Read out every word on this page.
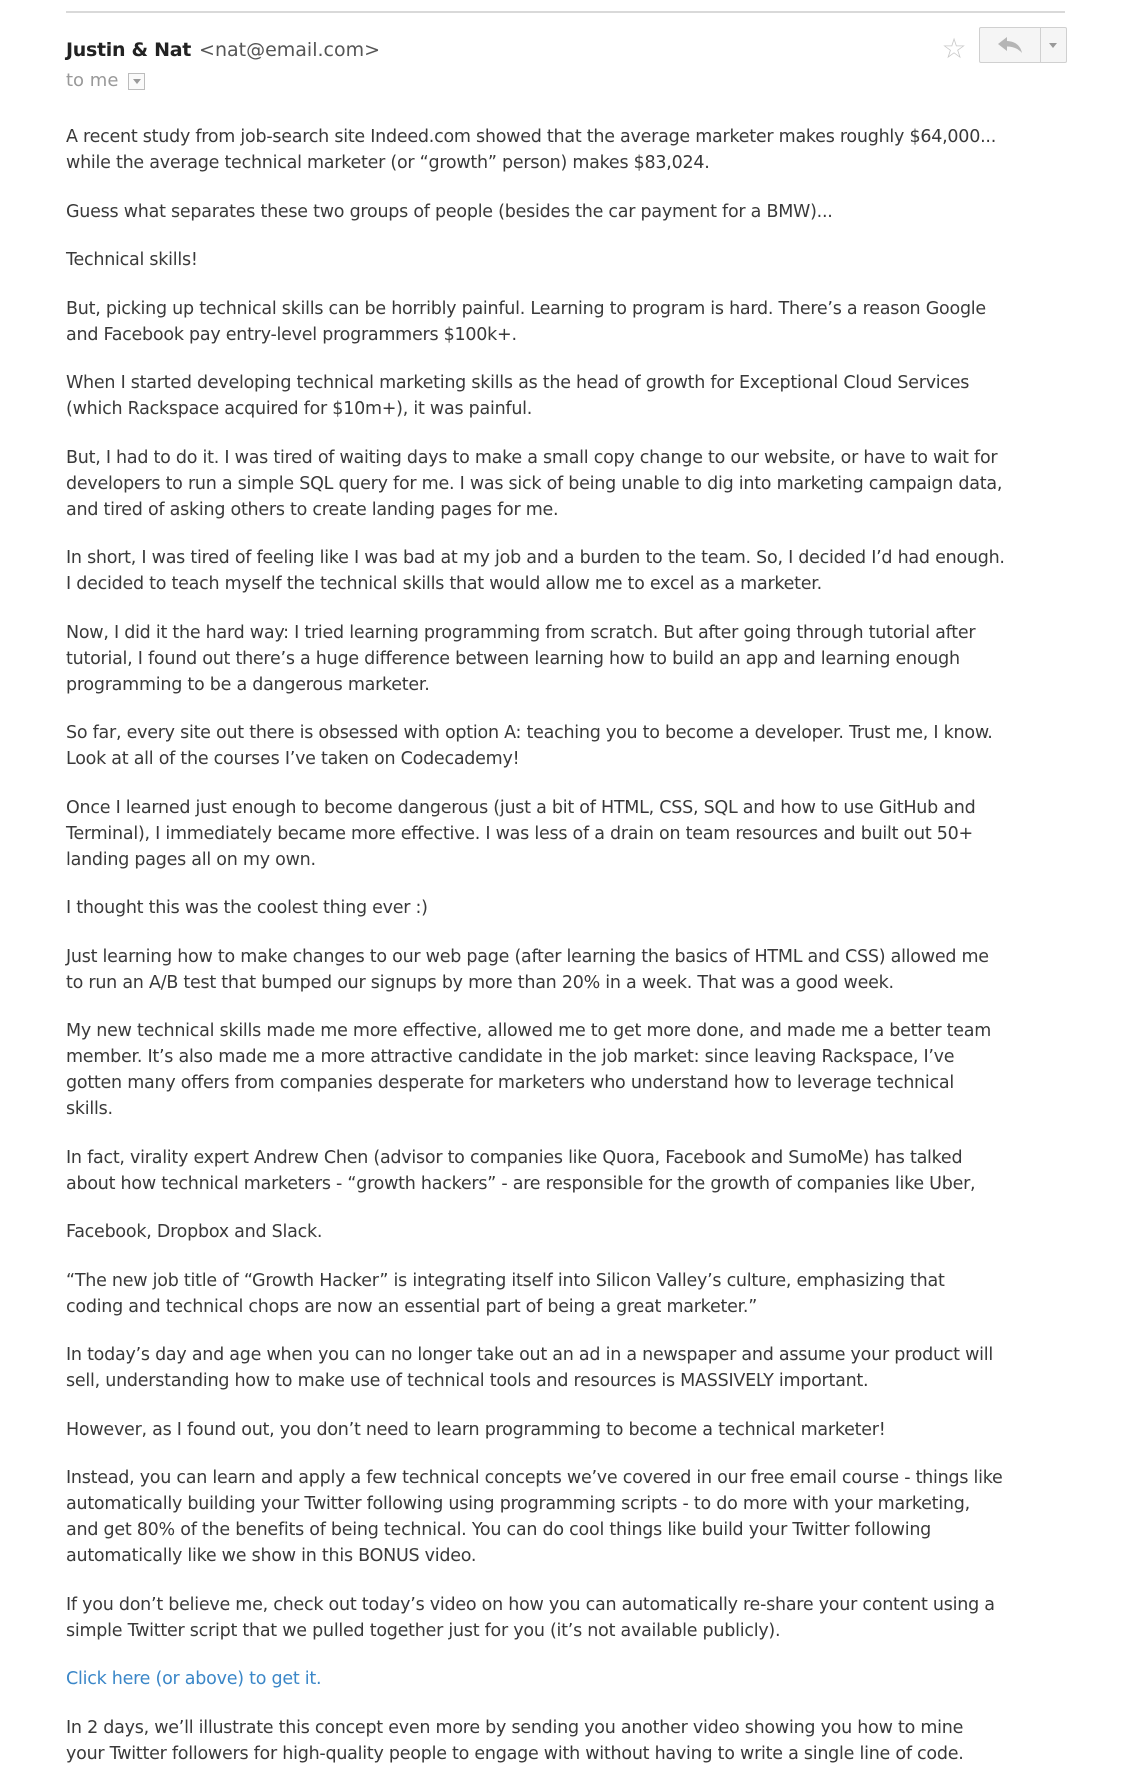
Justin & Nat <nat@email.com>
to me
☆

A recent study from job-search site Indeed.com showed that the average marketer makes roughly $64,000... while the average technical marketer (or “growth” person) makes $83,024.

Guess what separates these two groups of people (besides the car payment for a BMW)...

Technical skills!

But, picking up technical skills can be horribly painful. Learning to program is hard. There’s a reason Google and Facebook pay entry-level programmers $100k+.

When I started developing technical marketing skills as the head of growth for Exceptional Cloud Services (which Rackspace acquired for $10m+), it was painful.

But, I had to do it. I was tired of waiting days to make a small copy change to our website, or have to wait for developers to run a simple SQL query for me. I was sick of being unable to dig into marketing campaign data, and tired of asking others to create landing pages for me.

In short, I was tired of feeling like I was bad at my job and a burden to the team. So, I decided I’d had enough. I decided to teach myself the technical skills that would allow me to excel as a marketer.

Now, I did it the hard way: I tried learning programming from scratch. But after going through tutorial after tutorial, I found out there’s a huge difference between learning how to build an app and learning enough programming to be a dangerous marketer.

So far, every site out there is obsessed with option A: teaching you to become a developer. Trust me, I know. Look at all of the courses I’ve taken on Codecademy!

Once I learned just enough to become dangerous (just a bit of HTML, CSS, SQL and how to use GitHub and Terminal), I immediately became more effective. I was less of a drain on team resources and built out 50+ landing pages all on my own.

I thought this was the coolest thing ever :)

Just learning how to make changes to our web page (after learning the basics of HTML and CSS) allowed me to run an A/B test that bumped our signups by more than 20% in a week. That was a good week.

My new technical skills made me more effective, allowed me to get more done, and made me a better team member. It’s also made me a more attractive candidate in the job market: since leaving Rackspace, I’ve gotten many offers from companies desperate for marketers who understand how to leverage technical skills.

In fact, virality expert Andrew Chen (advisor to companies like Quora, Facebook and SumoMe) has talked about how technical marketers - “growth hackers” - are responsible for the growth of companies like Uber,

Facebook, Dropbox and Slack.

“The new job title of “Growth Hacker” is integrating itself into Silicon Valley’s culture, emphasizing that coding and technical chops are now an essential part of being a great marketer.”

In today’s day and age when you can no longer take out an ad in a newspaper and assume your product will sell, understanding how to make use of technical tools and resources is MASSIVELY important.

However, as I found out, you don’t need to learn programming to become a technical marketer!

Instead, you can learn and apply a few technical concepts we’ve covered in our free email course - things like automatically building your Twitter following using programming scripts - to do more with your marketing, and get 80% of the benefits of being technical. You can do cool things like build your Twitter following automatically like we show in this BONUS video.

If you don’t believe me, check out today’s video on how you can automatically re-share your content using a simple Twitter script that we pulled together just for you (it’s not available publicly).

Click here (or above) to get it.

In 2 days, we’ll illustrate this concept even more by sending you another video showing you how to mine your Twitter followers for high-quality people to engage with without having to write a single line of code.
